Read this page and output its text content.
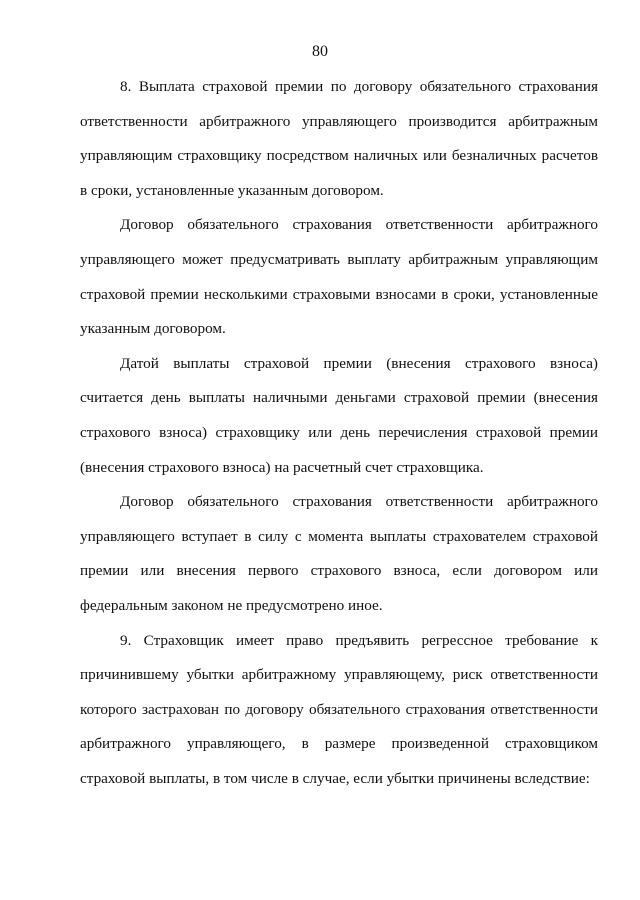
80

8. Выплата страховой премии по договору обязательного страхования ответственности арбитражного управляющего производится арбитражным управляющим страховщику посредством наличных или безналичных расчетов в сроки, установленные указанным договором.

Договор обязательного страхования ответственности арбитражного управляющего может предусматривать выплату арбитражным управляющим страховой премии несколькими страховыми взносами в сроки, установленные указанным договором.

Датой выплаты страховой премии (внесения страхового взноса) считается день выплаты наличными деньгами страховой премии (внесения страхового взноса) страховщику или день перечисления страховой премии (внесения страхового взноса) на расчетный счет страховщика.

Договор обязательного страхования ответственности арбитражного управляющего вступает в силу с момента выплаты страхователем страховой премии или внесения первого страхового взноса, если договором или федеральным законом не предусмотрено иное.

9. Страховщик имеет право предъявить регрессное требование к причинившему убытки арбитражному управляющему, риск ответственности которого застрахован по договору обязательного страхования ответственности арбитражного управляющего, в размере произведенной страховщиком страховой выплаты, в том числе в случае, если убытки причинены вследствие:
